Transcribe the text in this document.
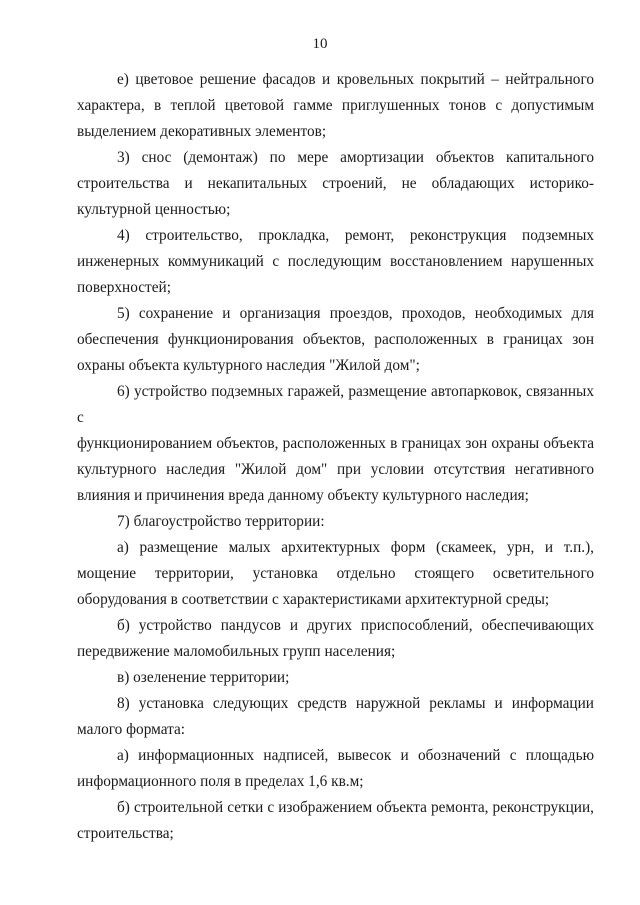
10
е) цветовое решение фасадов и кровельных покрытий – нейтрального
характера, в теплой цветовой гамме приглушенных тонов с допустимым
выделением декоративных элементов;
3) снос (демонтаж) по мере амортизации объектов капитального
строительства и некапитальных строений, не обладающих историко-
культурной ценностью;
4) строительство, прокладка, ремонт, реконструкция подземных
инженерных коммуникаций с последующим восстановлением нарушенных
поверхностей;
5) сохранение и организация проездов, проходов, необходимых для
обеспечения функционирования объектов, расположенных в границах зон
охраны объекта культурного наследия "Жилой дом";
6) устройство подземных гаражей, размещение автопарковок, связанных с
функционированием объектов, расположенных в границах зон охраны объекта
культурного наследия "Жилой дом" при условии отсутствия негативного
влияния и причинения вреда данному объекту культурного наследия;
7) благоустройство территории:
а) размещение малых архитектурных форм (скамеек, урн, и т.п.),
мощение территории, установка отдельно стоящего осветительного
оборудования в соответствии с характеристиками архитектурной среды;
б) устройство пандусов и других приспособлений, обеспечивающих
передвижение маломобильных групп населения;
в) озеленение территории;
8) установка следующих средств наружной рекламы и информации
малого формата:
а) информационных надписей, вывесок и обозначений с площадью
информационного поля в пределах 1,6 кв.м;
б) строительной сетки с изображением объекта ремонта, реконструкции,
строительства;
